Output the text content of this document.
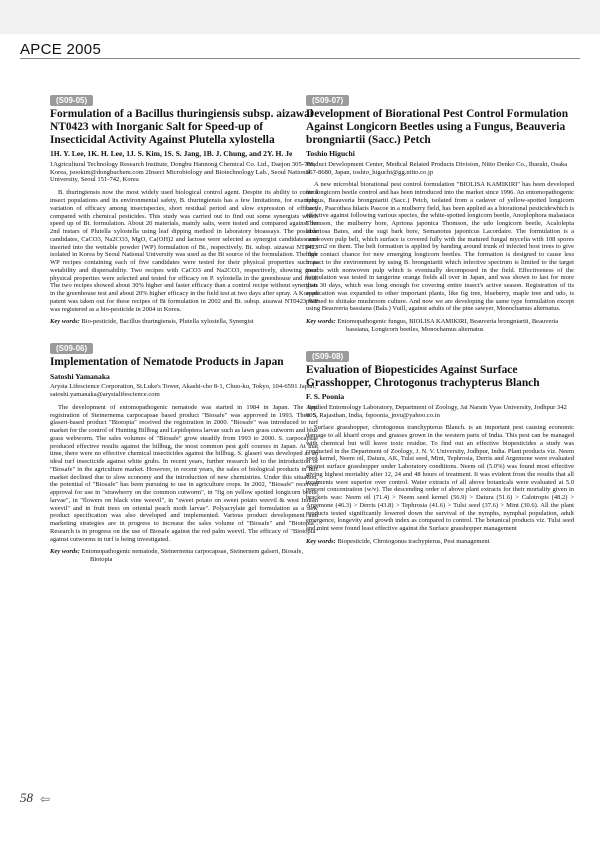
APCE 2005
(S09-05)
Formulation of a Bacillus thuringiensis subsp. aizawai NT0423 with Inorganic Salt for Speed-up of Insecticidal Activity Against Plutella xylostella
1H. Y. Lee, 1K. H. Lee, 1J. S. Kim, 1S. S. Jang, 1B. J. Chung, and 2Y. H. Je
1Agricultural Technology Research Institute, Dongbu Hannong Chemical Co. Ltd., Daejon 305-708, Korea, jsookim@dongbuchem.com 2Insect Microbiology and Biotechnology Lab., Seoul National University, Seoul 151-742, Korea
B. thuringiensis now the most widely used biological control agent. Despite its ability to control insect populations and its environmental safety, B. thuringiensis has a few limitations, for example, variation of efficacy among insectspecies, short residual period and slow expression of efficacy compared with chemical pesticides. This study was carried out to find out some synergists which speed up of Bt. formulation. About 20 materials, mainly salts, were tested and compared against the 2nd instars of Plutella xylostella using leaf dipping method in laboratory bioassays. The possible candidates, CaCO3, Na2CO3, MgO, Ca(OH)2 and lactose were selected as synergist candidates and inserted into the wettable powder (WP) formulation of Bt., respectively. Bt. subsp. aizawai NT0423 isolated in Korea by Seoul National University was used as the Bt source of the formulation. The five WP recipes containing each of five candidates were tested for their physical properties such as wetability and dispersability. Two recipes with CaCO3 and Na2CO3, respectively, showing good physical properties were selected and tested for efficacy on P. xylostella in the greenhouse and field. The two recipes showed about 30% higher and faster efficacy than a control recipe without synergists in the greenhouse test and about 20% higher efficacy in the field test at two days after spray. A Korean patent was taken out for these recipes of Bt formulation in 2002 and Bt. subsp. aizawai NT0423 WP was registered as a bio-pesticide in 2004 in Korea.
Key words: Bio-pesticide, Bacillus thuringiensis, Plutella xylostella, Synergist
(S09-06)
Implementation of Nematode Products in Japan
Satoshi Yamanaka
Arysta Lifescience Corporation, St.Luke's Tower, Akashi-cho 8-1, Chuo-ku, Tokyo, 104-6591 Japan, satoshi.yamanaka@arystalifescience.com
The development of entomopathogenic nematode was started in 1984 in Japan. The first registration of Steinernema carpocapsae based product "Biosafe" was approved in 1993. Then S. glaseri-based product "Biotopia" received the registration in 2000. "Biosafe" was introduced to turf market for the control of Hunting Billbug and Lepidoptera larvae such as lawn grass cutworm and blue grass webworm. The sales volumes of "Biosafe" grow steadily from 1993 to 2000. S. carpocapsae produced effective results against the billbug, the most common pest golf courses in Japan. At that time, there were no effective chemical insecticides against the billbug. S. glaseri was developed as an ideal turf insecticide against white grubs. In recent years, further research led to the introduction of "Biosafe" in the agriculture market. However, in recent years, the sales of biological products in turf market declined due to slow economy and the introduction of new chemistries. Under this situation, the potential of "Biosafe" has been pursuing to use in agriculture crops. In 2002, "Biosafe" received approval for use in "strawberry on the common cutworm", in "fig on yellow spotted longicorn beetle larvae", in "flowers on black vine weevil", in "sweet potato on sweet potato weevil & west Indian weevil" and in fruit trees on oriental peach moth larvae". Polyacrylate gel formulation as a new product specification was also developed and implemented. Various product development and marketing strategies are in progress to increase the sales volume of "Biosafe" and "Biotopia". Research is in progress on the use of Biosafe against the red palm weevil. The efficacy of "Biotopia" against cutworms in turf is being investigated.
Key words: Entomopathogenic nematode, Steinernema carpocapsae, Steinernem galseri, Biosafe, Biotopia
(S09-07)
Development of Biorational Pest Control Formulation Against Longicorn Beetles using a Fungus, Beauveria brongniartii (Sacc.) Petch
Toshio Higuchi
Product Development Center, Medical Related Products Division, Nitto Denko Co., Ibaraki, Osaka 567-8680, Japan, toshio_higuchi@gg.nitto.co.jp
A new microbial biorational pest control formulation "BIOLISA KAMIKIRI" has been developed for longicorn beetle control and has been introduced into the market since 1996. An entomopathogenic fungus, Beauveria brongniartii (Sacc.) Petch, isolated from a cadaver of yellow-spotted longicorn beetle, Psacothea hilaris Pascoe in a mulberry field, has been applied as a biorational pesticidewhich is effective against following various species, the white-spotted longicorn beetle, Anoplophora malasiaca Thomson, the mulberry bore, Apriona japonica Thomson, the udo longicorn beetle, Acalolepta luxuriosa Bates, and the sugi bark bore, Semanotus japonicus Lacordaire. The formulation is a nonwoven pulp belt, which surface is covered fully with the matured fungal mycelia with 108 spores per cm2 on them. The belt formation is applied by banding around trunk of infected host trees to give high contact chance for new emerging longicorn beetles. The formation is designed to cause less impact to the environment by using B. brongniartii which infective spectrum is limited to the target insects with nonwoven pulp which is eventually decomposed in the field. Effectiveness of the formulation was tested in tangerine orange fields all over in Japan, and was shown to last for more than 30 days, which was long enough for covering entire insect's active season. Registration of its application was expanded to other important plants, like fig tree, blueberry, maple tree and udo, is planned to shiitake mushroom culture. And now we are developing the same type formulation except using Beauveria bassiana (Bals.) Vuill, against adults of the pine sawyer, Monochamus alternatus.
Key words: Entomopathogenic fungus, BIOLISA KAMIKIRI, Beauveria brongniartii, Beauveria bassiana, Longicorn beetles, Monochamus alternatus
(S09-08)
Evaluation of Biopesticides Against Surface Grasshopper, Chrotogonus trachypterus Blanch
F. S. Poonia
Applied Entomology Laboratory, Department of Zoology, Jai Narain Vyas University, Jodhpur 342 005, Rajasthan, India, fspoonia_jnvu@yahoo.co.in
Surface grasshopper, chrotogonus tranchypterus Blanch. is an important pest causing economic damage to all kharif crops and grasses grown in the western parts of India. This pest can be managed with chemical but will leave toxic residue. To find out an effective biopesticides a study was conducted in the Department of Zoology, J. N. V. University, Jodhpur, India. Plant products viz. Neem seed kernel, Neem oil, Datura, AK, Tulsi seed, Mint, Tephrosia, Derris and Argemone were evaluated against surface grasshopper under Laboratory conditions. Neem oil (5.0%) was found most effective giving highest mortality after 12, 24 and 48 hours of treatment. It was evident from the results that all treatments were superior over control. Water extracts of all above botanicals were evaluated at 5.0 percent concentration (w/v). The descending order of above plant extracts for their mortality given in brackets was: Neem oil (71.4) > Neem seed kernel (56.9) > Datura (51.6) > Calotropis (48.2) > Argemone (46.3) > Derris (43.8) > Tephrosia (41.6) > Tulsi seed (37.6) > Mint (30.6). All the plant products tested significantly lowered down the survival of the nymphs, nymphal population, adult emergence, longevity and growth index as compared to control. The botanical products viz. Tulsi seed and mint were found least effective against the Surface grasshopper management
Key words: Biopesticide, Chrotogonus trachypterus, Pest management
58 ⇦
